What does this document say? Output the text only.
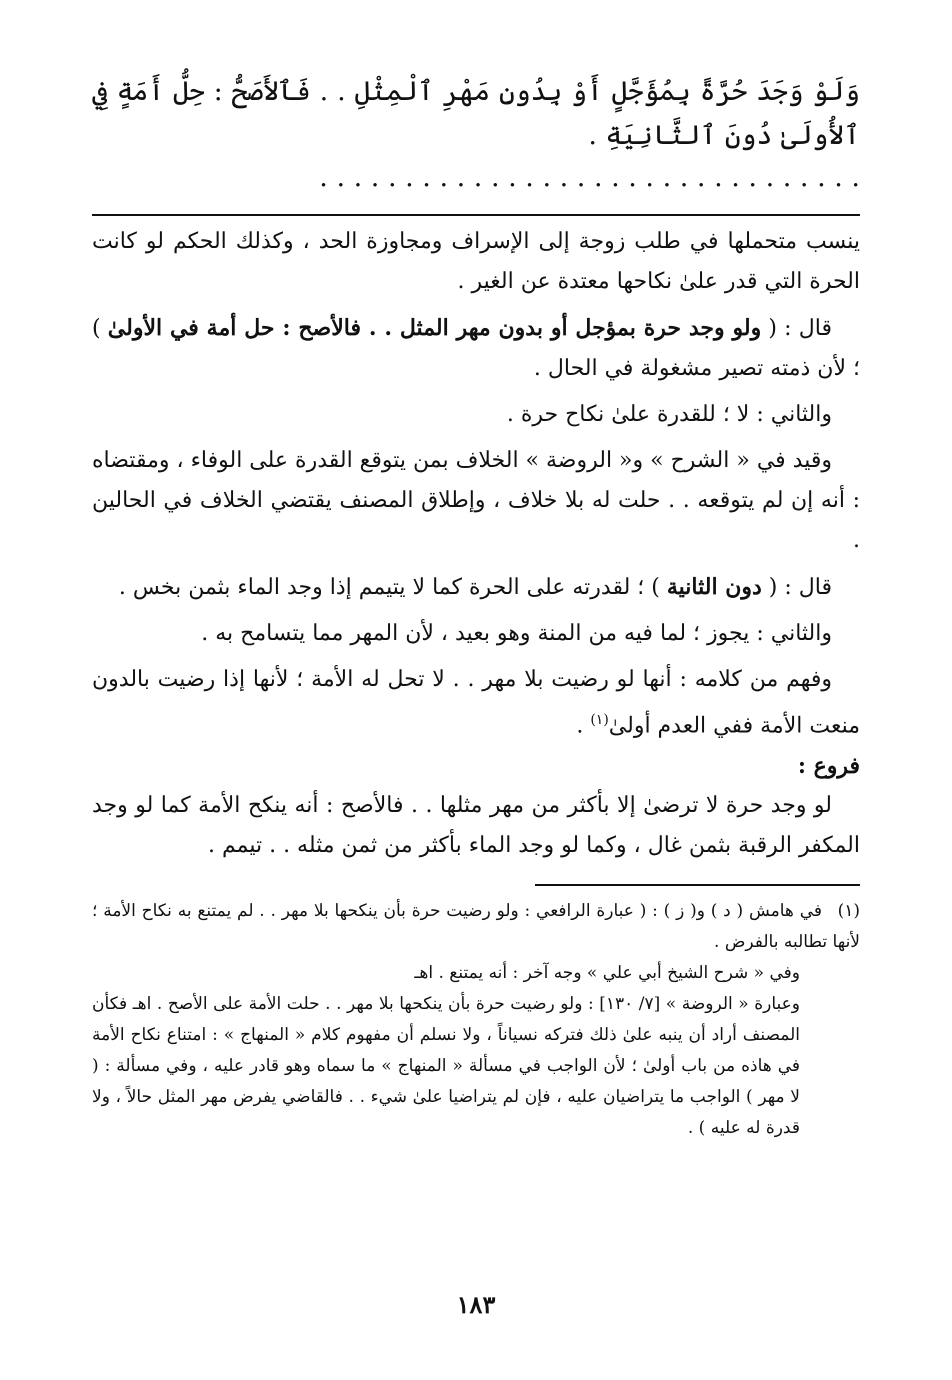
وَلَوْ وَجَدَ حُرَّةً بِمُؤَجَّلٍ أَوْ بِدُونِ مَهْرِ ٱلْمِثْلِ . . فَٱلأَصَحُّ : حِلُّ أَمَةٍ فِي ٱلأُولَىٰ دُونَ ٱلثَّانِيَةِ .

. . . . . . . . . . . . . . . . . . . . . . . . . . . . . . . .

ينسب متحملها في طلب زوجة إلى الإسراف ومجاوزة الحد ، وكذلك الحكم لو كانت الحرة التي قدر علىٰ نكاحها معتدة عن الغير .

قال : ( ولو وجد حرة بمؤجل أو بدون مهر المثل . . فالأصح : حل أمة في الأولىٰ ) ؛ لأن ذمته تصير مشغولة في الحال .

والثاني : لا ؛ للقدرة علىٰ نكاح حرة .

وقيد في « الشرح » و« الروضة » الخلاف بمن يتوقع القدرة على الوفاء ، ومقتضاه : أنه إن لم يتوقعه . . حلت له بلا خلاف ، وإطلاق المصنف يقتضي الخلاف في الحالين .

قال : ( دون الثانية ) ؛ لقدرته على الحرة كما لا يتيمم إذا وجد الماء بثمن بخس .

والثاني : يجوز ؛ لما فيه من المنة وهو بعيد ، لأن المهر مما يتسامح به .

وفهم من كلامه : أنها لو رضيت بلا مهر . . لا تحل له الأمة ؛ لأنها إذا رضيت بالدون منعت الأمة ففي العدم أولىٰ$^{(١)}$ .

فروع :

لو وجد حرة لا ترضىٰ إلا بأكثر من مهر مثلها . . فالأصح : أنه ينكح الأمة كما لو وجد المكفر الرقبة بثمن غال ، وكما لو وجد الماء بأكثر من ثمن مثله . . تيمم .

(١)في هامش ( د ) و( ز ) : ( عبارة الرافعي : ولو رضيت حرة بأن ينكحها بلا مهر . . لم يمتنع به نكاح الأمة ؛ لأنها تطالبه بالفرض .

وفي « شرح الشيخ أبي علي » وجه آخر : أنه يمتنع . اهـ

وعبارة « الروضة » [٧/ ١٣٠] : ولو رضيت حرة بأن ينكحها بلا مهر . . حلت الأمة على الأصح . اهـ فكأن المصنف أراد أن ينبه علىٰ ذلك فتركه نسياناً ، ولا نسلم أن مفهوم كلام « المنهاج » : امتناع نكاح الأمة في هاذه من باب أولىٰ ؛ لأن الواجب في مسألة « المنهاج » ما سماه وهو قادر عليه ، وفي مسألة : ( لا مهر ) الواجب ما يتراضيان عليه ، فإن لم يتراضيا علىٰ شيء . . فالقاضي يفرض مهر المثل حالاً ، ولا قدرة له عليه ) .

١٨٣
